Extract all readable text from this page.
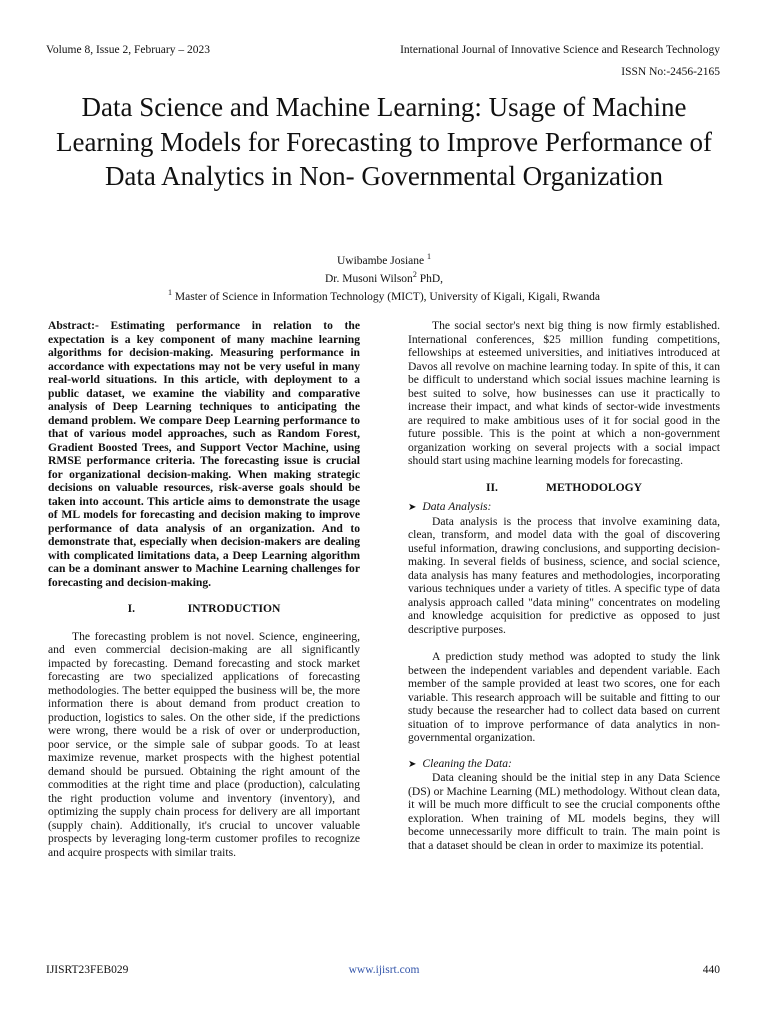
Volume 8, Issue 2, February – 2023	International Journal of Innovative Science and Research Technology
ISSN No:-2456-2165
Data Science and Machine Learning: Usage of Machine Learning Models for Forecasting to Improve Performance of Data Analytics in Non- Governmental Organization
Uwibambe Josiane $^1$
Dr. Musoni Wilson$^2$ PhD,
$^1$ Master of Science in Information Technology (MICT), University of Kigali, Kigali, Rwanda

Abstract:- Estimating performance in relation to the expectation is a key component of many machine learning algorithms for decision-making. Measuring performance in accordance with expectations may not be very useful in many real-world situations. In this article, with deployment to a public dataset, we examine the viability and comparative analysis of Deep Learning techniques to anticipating the demand problem. We compare Deep Learning performance to that of various model approaches, such as Random Forest, Gradient Boosted Trees, and Support Vector Machine, using RMSE performance criteria. The forecasting issue is crucial for organizational decision-making. When making strategic decisions on valuable resources, risk-averse goals should be taken into account. This article aims to demonstrate the usage of ML models for forecasting and decision making to improve performance of data analysis of an organization. And to demonstrate that, especially when decision-makers are dealing with complicated limitations data, a Deep Learning algorithm can be a dominant answer to Machine Learning challenges for forecasting and decision-making.

I.	INTRODUCTION

The forecasting problem is not novel. Science, engineering, and even commercial decision-making are all significantly impacted by forecasting. Demand forecasting and stock market forecasting are two specialized applications of forecasting methodologies. The better equipped the business will be, the more information there is about demand from product creation to production, logistics to sales. On the other side, if the predictions were wrong, there would be a risk of over or underproduction, poor service, or the simple sale of subpar goods. To at least maximize revenue, market prospects with the highest potential demand should be pursued. Obtaining the right amount of the commodities at the right time and place (production), calculating the right production volume and inventory (inventory), and optimizing the supply chain process for delivery are all important (supply chain). Additionally, it's crucial to uncover valuable prospects by leveraging long-term customer profiles to recognize and acquire prospects with similar traits.

The social sector's next big thing is now firmly established. International conferences, $25 million funding competitions, fellowships at esteemed universities, and initiatives introduced at Davos all revolve on machine learning today. In spite of this, it can be difficult to understand which social issues machine learning is best suited to solve, how businesses can use it practically to increase their impact, and what kinds of sector-wide investments are required to make ambitious uses of it for social good in the future possible. This is the point at which a non-government organization working on several projects with a social impact should start using machine learning models for forecasting.

II.	METHODOLOGY
➤ Data Analysis:

Data analysis is the process that involve examining data, clean, transform, and model data with the goal of discovering useful information, drawing conclusions, and supporting decision-making. In several fields of business, science, and social science, data analysis has many features and methodologies, incorporating various techniques under a variety of titles. A specific type of data analysis approach called "data mining" concentrates on modeling and knowledge acquisition for predictive as opposed to just descriptive purposes.

A prediction study method was adopted to study the link between the independent variables and dependent variable. Each member of the sample provided at least two scores, one for each variable. This research approach will be suitable and fitting to our study because the researcher had to collect data based on current situation of to improve performance of data analytics in non-governmental organization.

➤ Cleaning the Data:

Data cleaning should be the initial step in any Data Science (DS) or Machine Learning (ML) methodology. Without clean data, it will be much more difficult to see the crucial components ofthe exploration. When training of ML models begins, they will become unnecessarily more difficult to train. The main point is that a dataset should be clean in order to maximize its potential.

IJISRT23FEB029	www.ijisrt.com	440
